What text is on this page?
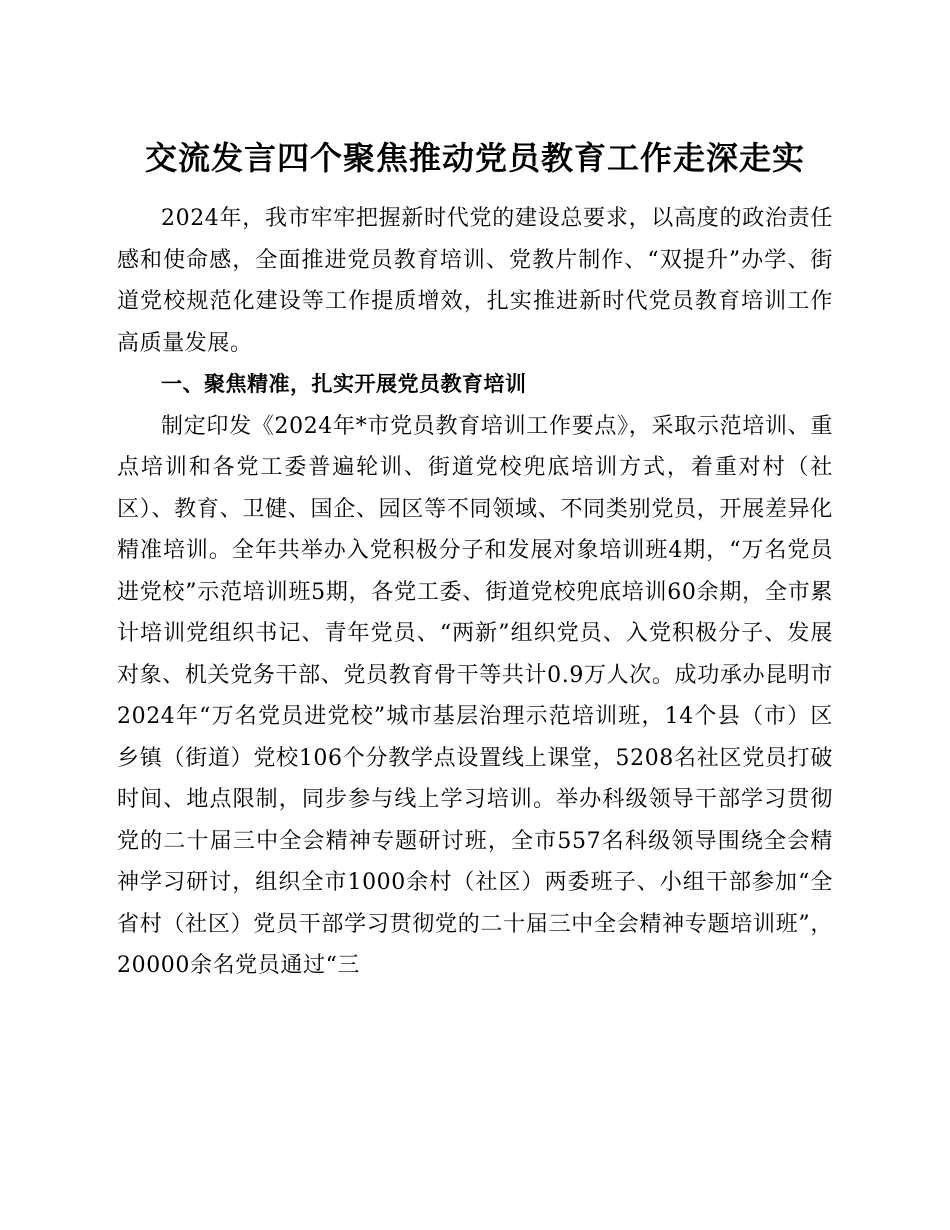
交流发言四个聚焦推动党员教育工作走深走实

2024年，我市牢牢把握新时代党的建设总要求，以高度的政治责任感和使命感，全面推进党员教育培训、党教片制作、“双提升”办学、街道党校规范化建设等工作提质增效，扎实推进新时代党员教育培训工作高质量发展。

一、聚焦精准，扎实开展党员教育培训

制定印发《2024年*市党员教育培训工作要点》，采取示范培训、重点培训和各党工委普遍轮训、街道党校兜底培训方式，着重对村（社区）、教育、卫健、国企、园区等不同领域、不同类别党员，开展差异化精准培训。全年共举办入党积极分子和发展对象培训班4期，“万名党员进党校”示范培训班5期，各党工委、街道党校兜底培训60余期，全市累计培训党组织书记、青年党员、“两新”组织党员、入党积极分子、发展对象、机关党务干部、党员教育骨干等共计0.9万人次。成功承办昆明市2024年“万名党员进党校”城市基层治理示范培训班，14个县（市）区乡镇（街道）党校106个分教学点设置线上课堂，5208名社区党员打破时间、地点限制，同步参与线上学习培训。举办科级领导干部学习贯彻党的二十届三中全会精神专题研讨班，全市557名科级领导围绕全会精神学习研讨，组织全市1000余村（社区）两委班子、小组干部参加“全省村（社区）党员干部学习贯彻党的二十届三中全会精神专题培训班”，20000余名党员通过“三
